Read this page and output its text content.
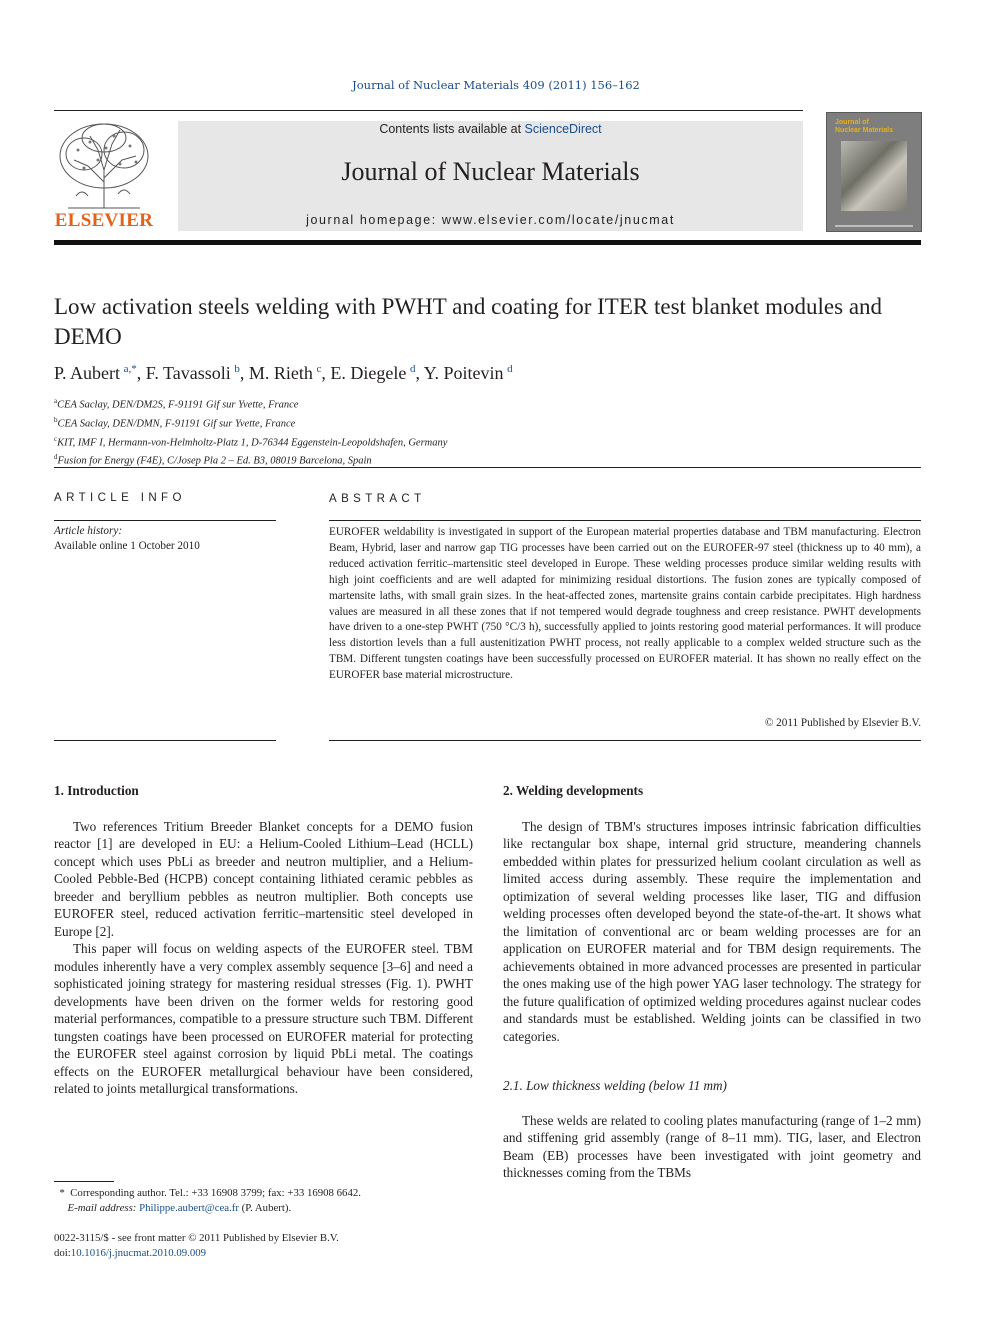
Journal of Nuclear Materials 409 (2011) 156–162
ELSEVIER
Contents lists available at ScienceDirect
Journal of Nuclear Materials
journal homepage: www.elsevier.com/locate/jnucmat
Journal of
Nuclear Materials
Low activation steels welding with PWHT and coating for ITER test blanket modules and DEMO
P. Aubert  $^{a,*}$, F. Tavassoli  $^b$, M. Rieth  $^c$, E. Diegele  $^d$, Y. Poitevin  $^d$
$^a$CEA Saclay, DEN/DM2S, F-91191 Gif sur Yvette, France
$^b$CEA Saclay, DEN/DMN, F-91191 Gif sur Yvette, France
$^c$KIT, IMF I, Hermann-von-Helmholtz-Platz 1, D-76344 Eggenstein-Leopoldshafen, Germany
$^d$Fusion for Energy (F4E), C/Josep Pla 2 – Ed. B3, 08019 Barcelona, Spain
ARTICLE INFO
Article history:
Available online 1 October 2010
ABSTRACT
EUROFER weldability is investigated in support of the European material properties database and TBM manufacturing. Electron Beam, Hybrid, laser and narrow gap TIG processes have been carried out on the EUROFER-97 steel (thickness up to 40 mm), a reduced activation ferritic–martensitic steel developed in Europe. These welding processes produce similar welding results with high joint coefficients and are well adapted for minimizing residual distortions. The fusion zones are typically composed of martensite laths, with small grain sizes. In the heat-affected zones, martensite grains contain carbide precipitates. High hardness values are measured in all these zones that if not tempered would degrade toughness and creep resistance. PWHT developments have driven to a one-step PWHT (750 °C/3 h), successfully applied to joints restoring good material performances. It will produce less distortion levels than a full austenitization PWHT process, not really applicable to a complex welded structure such as the TBM. Different tungsten coatings have been successfully processed on EUROFER material. It has shown no really effect on the EUROFER base material microstructure.
© 2011 Published by Elsevier B.V.
1. Introduction

Two references Tritium Breeder Blanket concepts for a DEMO fusion reactor [1] are developed in EU: a Helium-Cooled Lithium–Lead (HCLL) concept which uses PbLi as breeder and neutron multiplier, and a Helium-Cooled Pebble-Bed (HCPB) concept containing lithiated ceramic pebbles as breeder and beryllium pebbles as neutron multiplier. Both concepts use EUROFER steel, reduced activation ferritic–martensitic steel developed in Europe [2].

This paper will focus on welding aspects of the EUROFER steel. TBM modules inherently have a very complex assembly sequence [3–6] and need a sophisticated joining strategy for mastering residual stresses (Fig. 1). PWHT developments have been driven on the former welds for restoring good material performances, compatible to a pressure structure such TBM. Different tungsten coatings have been processed on EUROFER material for protecting the EUROFER steel against corrosion by liquid PbLi metal. The coatings effects on the EUROFER metallurgical behaviour have been considered, related to joints metallurgical transformations.

2. Welding developments

The design of TBM's structures imposes intrinsic fabrication difficulties like rectangular box shape, internal grid structure, meandering channels embedded within plates for pressurized helium coolant circulation as well as limited access during assembly. These require the implementation and optimization of several welding processes like laser, TIG and diffusion welding processes often developed beyond the state-of-the-art. It shows what the limitation of conventional arc or beam welding processes are for an application on EUROFER material and for TBM design requirements. The achievements obtained in more advanced processes are presented in particular the ones making use of the high power YAG laser technology. The strategy for the future qualification of optimized welding procedures against nuclear codes and standards must be established. Welding joints can be classified in two categories.

2.1. Low thickness welding (below 11 mm)

These welds are related to cooling plates manufacturing (range of 1–2 mm) and stiffening grid assembly (range of 8–11 mm). TIG, laser, and Electron Beam (EB) processes have been investigated with joint geometry and thicknesses coming from the TBMs

* Corresponding author. Tel.: +33 16908 3799; fax: +33 16908 6642.
E-mail address: Philippe.aubert@cea.fr (P. Aubert).
0022-3115/$ - see front matter © 2011 Published by Elsevier B.V.
doi:10.1016/j.jnucmat.2010.09.009
